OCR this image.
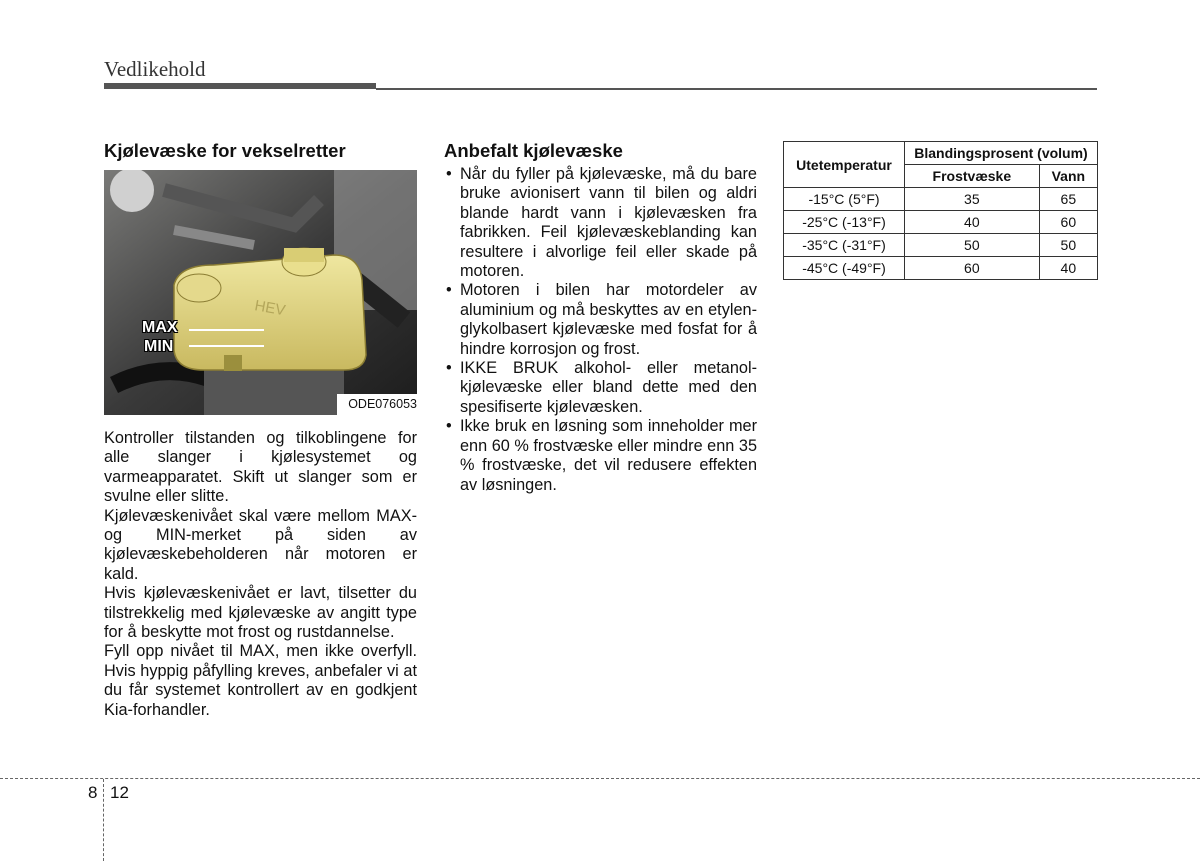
Vedlikehold
Kjølevæske for vekselretter
HEV
MAX
MIN
ODE076053

Kontroller tilstanden og tilkoblingene for alle slanger i kjølesystemet og varmeapparatet. Skift ut slanger som er svulne eller slitte.

Kjølevæskenivået skal være mellom MAX- og MIN-merket på siden av kjølevæskebeholderen når motoren er kald.

Hvis kjølevæskenivået er lavt, tilsetter du tilstrekkelig med kjølevæske av angitt type for å beskytte mot frost og rustdannelse.

Fyll opp nivået til MAX, men ikke overfyll. Hvis hyppig påfylling kreves, anbefaler vi at du får systemet kontrollert av en godkjent Kia-forhandler.

Anbefalt kjølevæske
• Når du fyller på kjølevæske, må du bare bruke avionisert vann til bilen og aldri blande hardt vann i kjølevæsken fra fabrikken. Feil kjølevæskeblanding kan resultere i alvorlige feil eller skade på motoren.
• Motoren i bilen har motordeler av aluminium og må beskyttes av en etylen-glykolbasert kjølevæske med fosfat for å hindre korrosjon og frost.
• IKKE BRUK alkohol- eller metanol-kjølevæske eller bland dette med den spesifiserte kjølevæsken.
• Ikke bruk en løsning som inneholder mer enn 60 % frostvæske eller mindre enn 35 % frostvæske, det vil redusere effekten av løsningen.
Utetemperatur	Blandingsprosent (volum)	
	Frostvæske	Vann
-15°C (5°F)	35	65
-25°C (-13°F)	40	60
-35°C (-31°F)	50	50
-45°C (-49°F)	60	40
8 12
